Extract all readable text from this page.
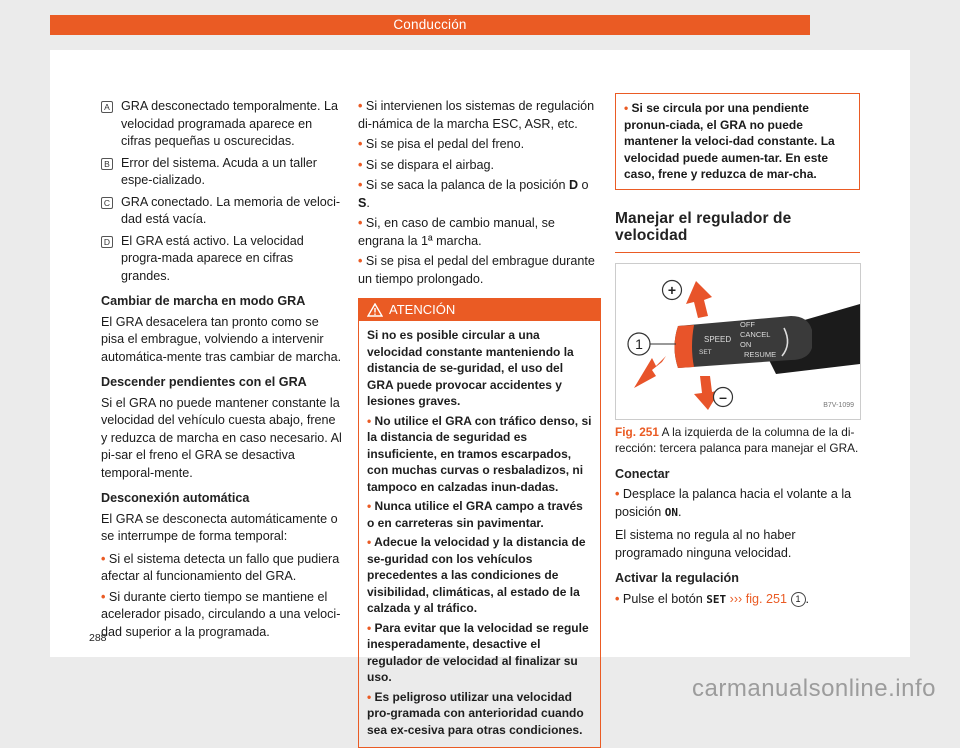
Conducción
A GRA desconectado temporalmente. La velocidad programada aparece en cifras pequeñas u oscurecidas.
B Error del sistema. Acuda a un taller espe-cializado.
C GRA conectado. La memoria de veloci-dad está vacía.
D El GRA está activo. La velocidad progra-mada aparece en cifras grandes.
Cambiar de marcha en modo GRA

El GRA desacelera tan pronto como se pisa el embrague, volviendo a intervenir automática-mente tras cambiar de marcha.

Descender pendientes con el GRA

Si el GRA no puede mantener constante la velocidad del vehículo cuesta abajo, frene y reduzca de marcha en caso necesario. Al pi-sar el freno el GRA se desactiva temporal-mente.

Desconexión automática

El GRA se desconecta automáticamente o se interrumpe de forma temporal:

• Si el sistema detecta un fallo que pudiera afectar al funcionamiento del GRA.
• Si durante cierto tiempo se mantiene el acelerador pisado, circulando a una veloci-dad superior a la programada.
• Si intervienen los sistemas de regulación di-námica de la marcha ESC, ASR, etc.
• Si se pisa el pedal del freno.
• Si se dispara el airbag.
• Si se saca la palanca de la posición D o S.
• Si, en caso de cambio manual, se engrana la 1ª marcha.
• Si se pisa el pedal del embrague durante un tiempo prolongado.
ATENCIÓN

Si no es posible circular a una velocidad constante manteniendo la distancia de se-guridad, el uso del GRA puede provocar accidentes y lesiones graves.

• No utilice el GRA con tráfico denso, si la distancia de seguridad es insuficiente, en tramos escarpados, con muchas curvas o resbaladizos, ni tampoco en calzadas inun-dadas.

• Nunca utilice el GRA campo a través o en carreteras sin pavimentar.

• Adecue la velocidad y la distancia de se-guridad con los vehículos precedentes a las condiciones de visibilidad, climáticas, al estado de la calzada y al tráfico.

• Para evitar que la velocidad se regule inesperadamente, desactive el regulador de velocidad al finalizar su uso.

• Es peligroso utilizar una velocidad pro-gramada con anterioridad cuando sea ex-cesiva para otras condiciones.

• Si se circula por una pendiente pronun-ciada, el GRA no puede mantener la veloci-dad constante. La velocidad puede aumen-tar. En este caso, frene y reduzca de mar-cha.
Manejar el regulador de velocidad
SPEED
SET
OFF
CANCEL
ON
RESUME
+
–
1
B7V-1099
Fig. 251 A la izquierda de la columna de la di-rección: tercera palanca para manejar el GRA.
Conectar
• Desplace la palanca hacia el volante a la posición ON.

El sistema no regula al no haber programado ninguna velocidad.

Activar la regulación
• Pulse el botón SET ››› fig. 251 1 .
288
carmanualsonline.info
